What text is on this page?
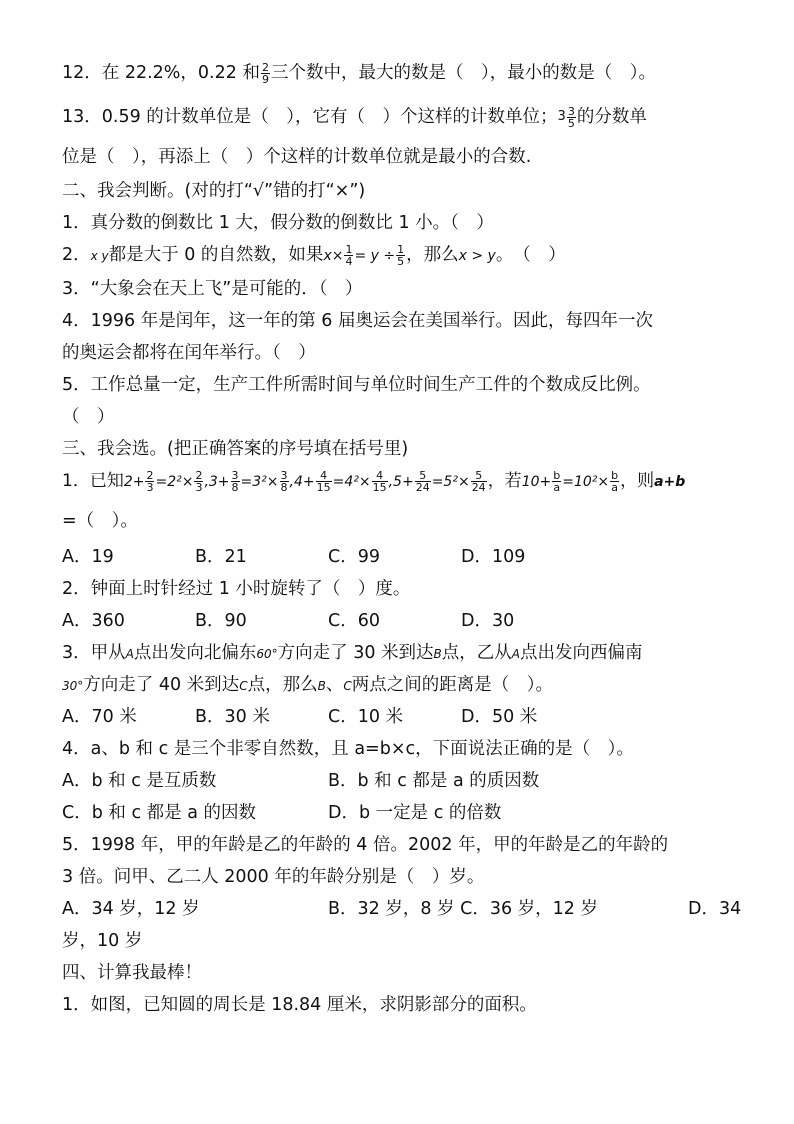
12．在 22.2%，0.22 和 $\frac{2}{9}$ 三个数中，最大的数是（　），最小的数是（　）。
13．0.59 的计数单位是（　），它有（　）个这样的计数单位；$3 \frac{3}{5}$ 的分数单
位是（　），再添上（　）个这样的计数单位就是最小的合数.
二、我会判断。(对的打“√”错的打“×”)
1．真分数的倒数比 1 大，假分数的倒数比 1 小。（　）
2．x y都是大于 0 的自然数，如果$x\times \frac{1}{4} = y \div \frac{1}{5}$ ，那么x > y。　（　）
3．“大象会在天上飞”是可能的．（　）
4．1996 年是闰年，这一年的第 6 届奥运会在美国举行。因此，每四年一次
的奥运会都将在闰年举行。（　）
5．工作总量一定，生产工件所需时间与单位时间生产工件的个数成反比例。
（　）
三、我会选。(把正确答案的序号填在括号里)
1．已知$2+ \frac{2}{3} =2^2\times \frac{2}{3} ,3+ \frac{3}{8} =3^2\times \frac{3}{8} ,4+ \frac{4}{15} =4^2\times \frac{4}{15} ,5+ \frac{5}{24} =5^2\times \frac{5}{24}$ ，若$10+ \frac{b}{a} =10^2\times \frac{b}{a}$ ，则a+b
=（　）。
A．19	B．21	C．99	D．109
2．钟面上时针经过 1 小时旋转了（　）度。
A．360	B．90	C．60	D．30
3．甲从A点出发向北偏东60°方向走了 30 米到达B点，乙从A点出发向西偏南
30°方向走了 40 米到达C点，那么B、C两点之间的距离是（　）。
A．70 米	B．30 米	C．10 米	D．50 米
4．a、b 和 c 是三个非零自然数，且 a=b×c，下面说法正确的是（　）。
A．b 和 c 是互质数	B．b 和 c 都是 a 的质因数
C．b 和 c 都是 a 的因数	D．b 一定是 c 的倍数
5．1998 年，甲的年龄是乙的年龄的 4 倍。2002 年，甲的年龄是乙的年龄的
3 倍。问甲、乙二人 2000 年的年龄分别是（　）岁。
A．34 岁，12 岁	B．32 岁，8 岁 C．36 岁，12 岁	D．34
岁，10 岁
四、计算我最棒！
1．如图，已知圆的周长是 18.84 厘米，求阴影部分的面积。
